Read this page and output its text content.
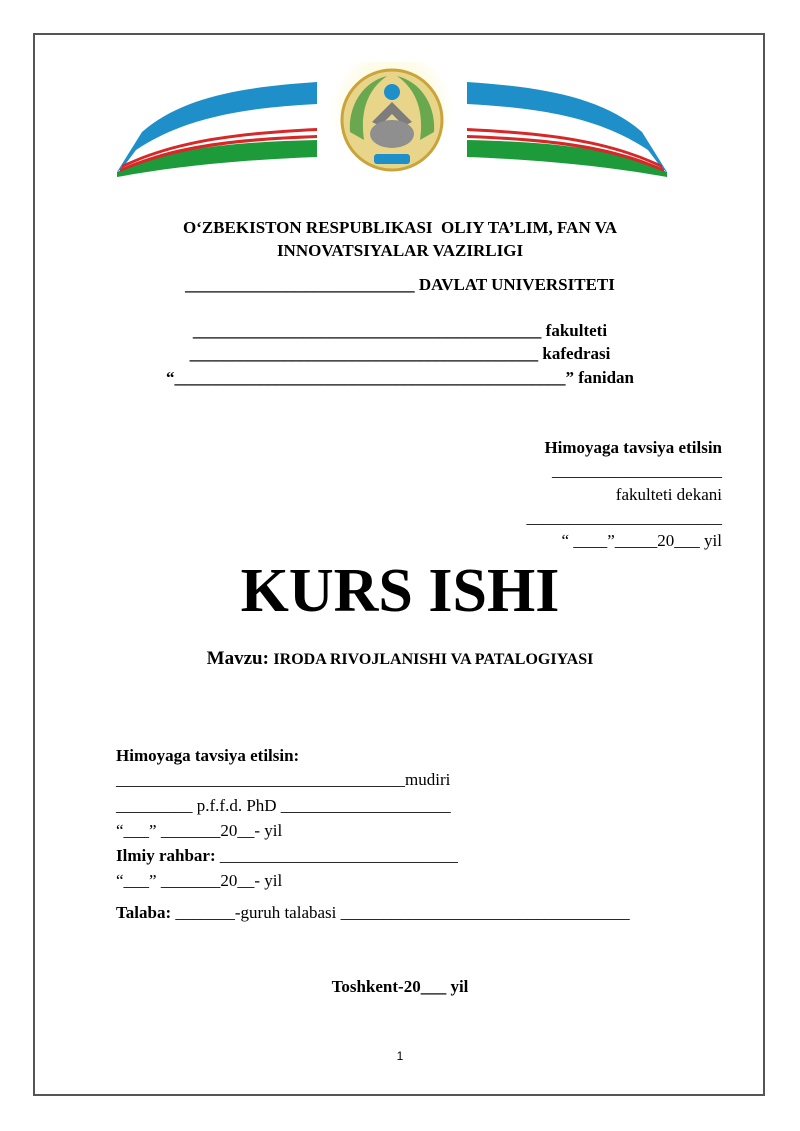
O‘ZBEKISTON RESPUBLIKASI  OLIY TA’LIM, FAN VA
INNOVATSIYALAR VAZIRLIGI
___________________________ DAVLAT UNIVERSITETI
_________________________________________ fakulteti
_________________________________________ kafedrasi
“______________________________________________” fanidan
Himoyaga tavsiya etilsin
____________________
fakulteti dekani
_______________________
“ ____”_____20___ yil
KURS ISHI
Mavzu: IRODA RIVOJLANISHI VA PATALOGIYASI
Himoyaga tavsiya etilsin:
__________________________________mudiri
_________ p.f.f.d. PhD ____________________
“___” _______20__- yil
Ilmiy rahbar: ____________________________
“___” _______20__- yil
Talaba: _______-guruh talabasi __________________________________
Toshkent-20___ yil
1
